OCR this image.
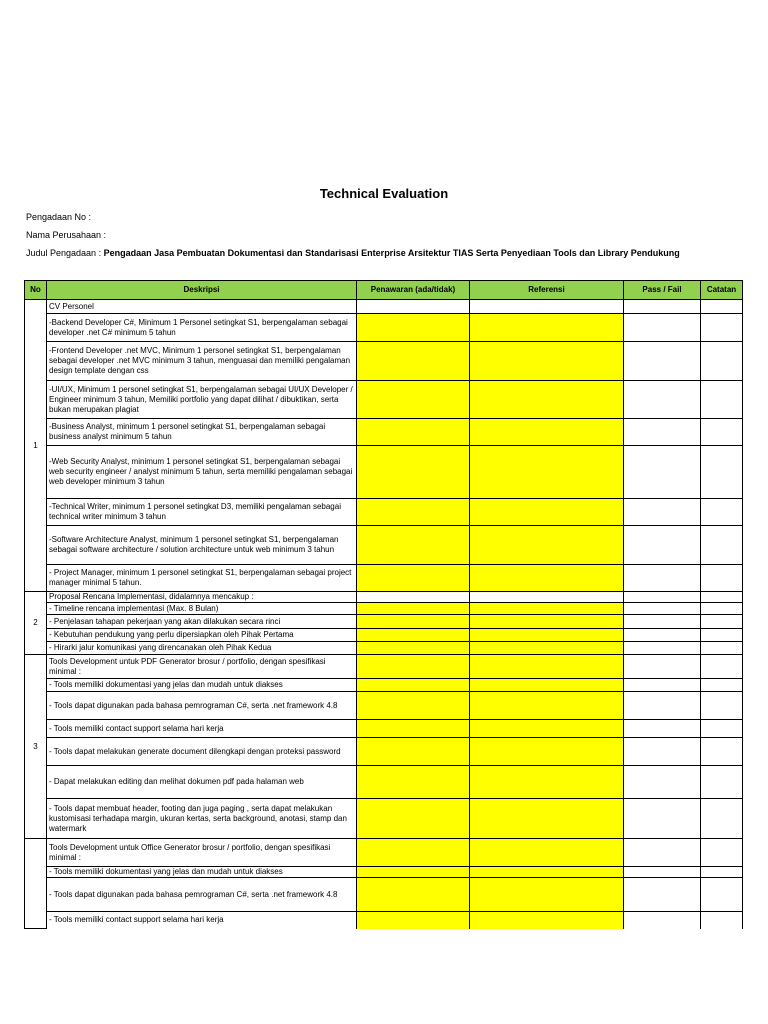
Technical Evaluation
Pengadaan No :
Nama Perusahaan :
Judul Pengadaan : Pengadaan Jasa Pembuatan Dokumentasi dan Standarisasi Enterprise Arsitektur TIAS Serta Penyediaan Tools dan Library Pendukung
No	Deskripsi	Penawaran (ada/tidak)	Referensi	Pass / Fail	Catatan
1	CV Personel				
	-Backend Developer C#, Minimum 1 Personel setingkat S1, berpengalaman sebagai developer .net C# minimum 5 tahun				
	-Frontend Developer .net MVC, Minimum 1 personel setingkat S1, berpengalaman sebagai developer .net MVC minimum 3 tahun, menguasai dan memiliki pengalaman design template dengan css				
	-UI/UX, Minimum 1 personel setingkat S1, berpengalaman sebagai UI/UX Developer / Engineer minimum 3 tahun, Memiliki portfolio yang dapat dilihat / dibuktikan, serta bukan merupakan plagiat				
	-Business Analyst, minimum 1 personel setingkat S1, berpengalaman sebagai business analyst minimum 5 tahun				
	-Web Security Analyst, minimum 1 personel setingkat S1, berpengalaman sebagai web security engineer / analyst minimum 5 tahun, serta memiliki pengalaman sebagai web developer minimum 3 tahun				
	-Technical Writer, minimum 1 personel setingkat D3, memiliki pengalaman sebagai technical writer minimum 3 tahun				
	-Software Architecture Analyst, minimum 1 personel setingkat S1, berpengalaman sebagai software architecture / solution architecture untuk web minimum 3 tahun				
	- Project Manager, minimum 1 personel setingkat S1, berpengalaman sebagai project manager minimal 5 tahun.				
2	Proposal Rencana Implementasi, didalamnya mencakup :				
	- Timeline rencana implementasi (Max. 8 Bulan)				
	- Penjelasan tahapan pekerjaan yang akan dilakukan secara rinci				
	- Kebutuhan pendukung yang perlu dipersiapkan oleh Pihak Pertama				
	- Hirarki jalur komunikasi yang direncanakan oleh Pihak Kedua				
3	Tools Development untuk PDF Generator brosur / portfolio, dengan spesifikasi minimal :				
	- Tools memiliki dokumentasi yang jelas dan mudah untuk diakses				
	- Tools dapat digunakan pada bahasa pemrograman C#, serta .net framework 4.8				
	- Tools memiliki contact support selama hari kerja				
	- Tools dapat melakukan generate document dilengkapi dengan proteksi password				
	- Dapat melakukan editing dan melihat dokumen pdf pada halaman web				
	- Tools dapat membuat header, footing dan juga paging , serta dapat melakukan kustomisasi terhadapa margin, ukuran kertas, serta background, anotasi, stamp dan watermark				
	Tools Development untuk Office Generator brosur / portfolio, dengan spesifikasi minimal :				
	- Tools memiliki dokumentasi yang jelas dan mudah untuk diakses				
	- Tools dapat digunakan pada bahasa pemrograman C#, serta .net framework 4.8				
	- Tools memiliki contact support selama hari kerja				
